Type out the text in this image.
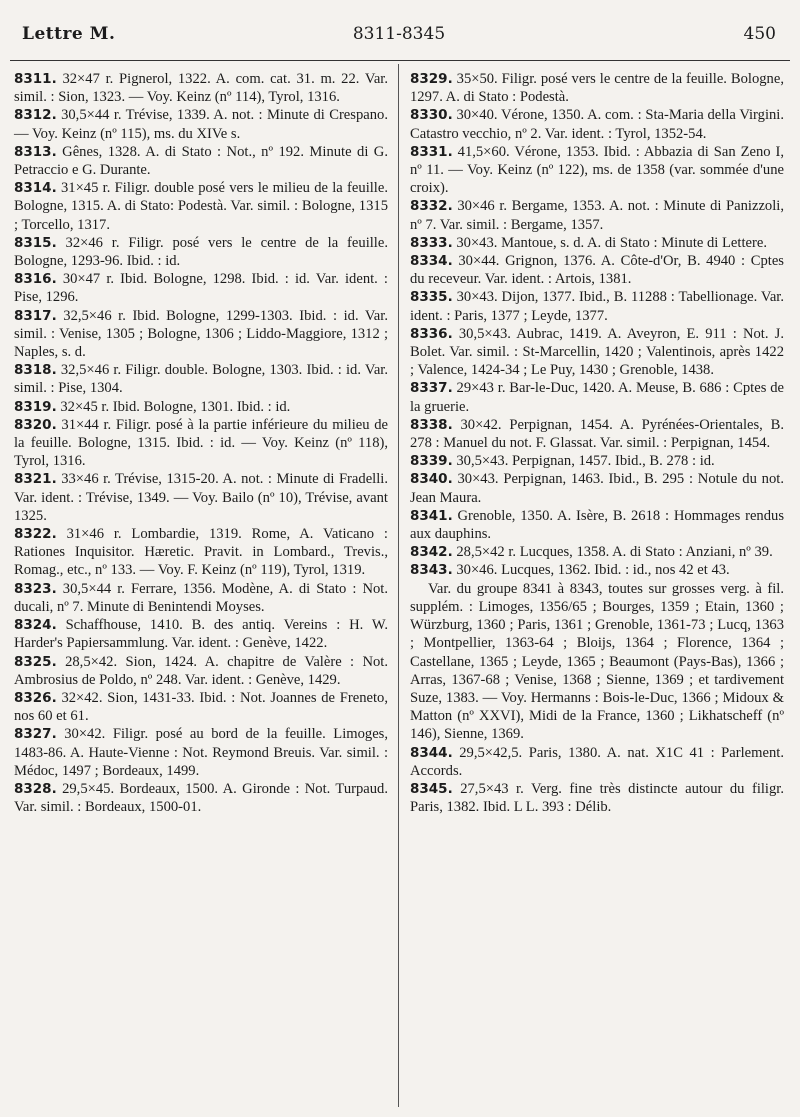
Lettre M.	8311-8345	450
8311. 32×47 r. Pignerol, 1322. A. com. cat. 31. m. 22. Var. simil. : Sion, 1323. — Voy. Keinz (nº 114), Tyrol, 1316.
8312. 30,5×44 r. Trévise, 1339. A. not. : Minute di Crespano. — Voy. Keinz (nº 115), ms. du XIVe s.
8313. Gênes, 1328. A. di Stato : Not., nº 192. Minute di G. Petraccio e G. Durante.
8314. 31×45 r. Filigr. double posé vers le milieu de la feuille. Bologne, 1315. A. di Stato: Podestà. Var. simil. : Bologne, 1315 ; Torcello, 1317.
8315. 32×46 r. Filigr. posé vers le centre de la feuille. Bologne, 1293-96. Ibid. : id.
8316. 30×47 r. Ibid. Bologne, 1298. Ibid. : id. Var. ident. : Pise, 1296.
8317. 32,5×46 r. Ibid. Bologne, 1299-1303. Ibid. : id. Var. simil. : Venise, 1305 ; Bologne, 1306 ; Liddo-Maggiore, 1312 ; Naples, s. d.
8318. 32,5×46 r. Filigr. double. Bologne, 1303. Ibid. : id. Var. simil. : Pise, 1304.
8319. 32×45 r. Ibid. Bologne, 1301. Ibid. : id.
8320. 31×44 r. Filigr. posé à la partie inférieure du milieu de la feuille. Bologne, 1315. Ibid. : id. — Voy. Keinz (nº 118), Tyrol, 1316.
8321. 33×46 r. Trévise, 1315-20. A. not. : Minute di Fradelli. Var. ident. : Trévise, 1349. — Voy. Bailo (nº 10), Trévise, avant 1325.
8322. 31×46 r. Lombardie, 1319. Rome, A. Vaticano : Rationes Inquisitor. Hæretic. Pravit. in Lombard., Trevis., Romag., etc., nº 133. — Voy. F. Keinz (nº 119), Tyrol, 1319.
8323. 30,5×44 r. Ferrare, 1356. Modène, A. di Stato : Not. ducali, nº 7. Minute di Benintendi Moyses.
8324. Schaffhouse, 1410. B. des antiq. Vereins : H. W. Harder's Papiersammlung. Var. ident. : Genève, 1422.
8325. 28,5×42. Sion, 1424. A. chapitre de Valère : Not. Ambrosius de Poldo, nº 248. Var. ident. : Genève, 1429.
8326. 32×42. Sion, 1431-33. Ibid. : Not. Joannes de Freneto, nos 60 et 61.
8327. 30×42. Filigr. posé au bord de la feuille. Limoges, 1483-86. A. Haute-Vienne : Not. Reymond Breuis. Var. simil. : Médoc, 1497 ; Bordeaux, 1499.
8328. 29,5×45. Bordeaux, 1500. A. Gironde : Not. Turpaud. Var. simil. : Bordeaux, 1500-01.
8329. 35×50. Filigr. posé vers le centre de la feuille. Bologne, 1297. A. di Stato : Podestà.
8330. 30×40. Vérone, 1350. A. com. : Sta-Maria della Virgini. Catastro vecchio, nº 2. Var. ident. : Tyrol, 1352-54.
8331. 41,5×60. Vérone, 1353. Ibid. : Abbazia di San Zeno I, nº 11. — Voy. Keinz (nº 122), ms. de 1358 (var. sommée d'une croix).
8332. 30×46 r. Bergame, 1353. A. not. : Minute di Panizzoli, nº 7. Var. simil. : Bergame, 1357.
8333. 30×43. Mantoue, s. d. A. di Stato : Minute di Lettere.
8334. 30×44. Grignon, 1376. A. Côte-d'Or, B. 4940 : Cptes du receveur. Var. ident. : Artois, 1381.
8335. 30×43. Dijon, 1377. Ibid., B. 11288 : Tabellionage. Var. ident. : Paris, 1377 ; Leyde, 1377.
8336. 30,5×43. Aubrac, 1419. A. Aveyron, E. 911 : Not. J. Bolet. Var. simil. : St-Marcellin, 1420 ; Valentinois, après 1422 ; Valence, 1424-34 ; Le Puy, 1430 ; Grenoble, 1438.
8337. 29×43 r. Bar-le-Duc, 1420. A. Meuse, B. 686 : Cptes de la gruerie.
8338. 30×42. Perpignan, 1454. A. Pyrénées-Orientales, B. 278 : Manuel du not. F. Glassat. Var. simil. : Perpignan, 1454.
8339. 30,5×43. Perpignan, 1457. Ibid., B. 278 : id.
8340. 30×43. Perpignan, 1463. Ibid., B. 295 : Notule du not. Jean Maura.
8341. Grenoble, 1350. A. Isère, B. 2618 : Hommages rendus aux dauphins.
8342. 28,5×42 r. Lucques, 1358. A. di Stato : Anziani, nº 39.
8343. 30×46. Lucques, 1362. Ibid. : id., nos 42 et 43.
Var. du groupe 8341 à 8343, toutes sur grosses verg. à fil. supplém. : Limoges, 1356/65 ; Bourges, 1359 ; Etain, 1360 ; Würzburg, 1360 ; Paris, 1361 ; Grenoble, 1361-73 ; Lucq, 1363 ; Montpellier, 1363-64 ; Bloijs, 1364 ; Florence, 1364 ; Castellane, 1365 ; Leyde, 1365 ; Beaumont (Pays-Bas), 1366 ; Arras, 1367-68 ; Venise, 1368 ; Sienne, 1369 ; et tardivement Suze, 1383. — Voy. Hermanns : Bois-le-Duc, 1366 ; Midoux & Matton (nº XXVI), Midi de la France, 1360 ; Likhatscheff (nº 146), Sienne, 1369.
8344. 29,5×42,5. Paris, 1380. A. nat. X1C 41 : Parlement. Accords.
8345. 27,5×43 r. Verg. fine très distincte autour du filigr. Paris, 1382. Ibid. L L. 393 : Délib.
